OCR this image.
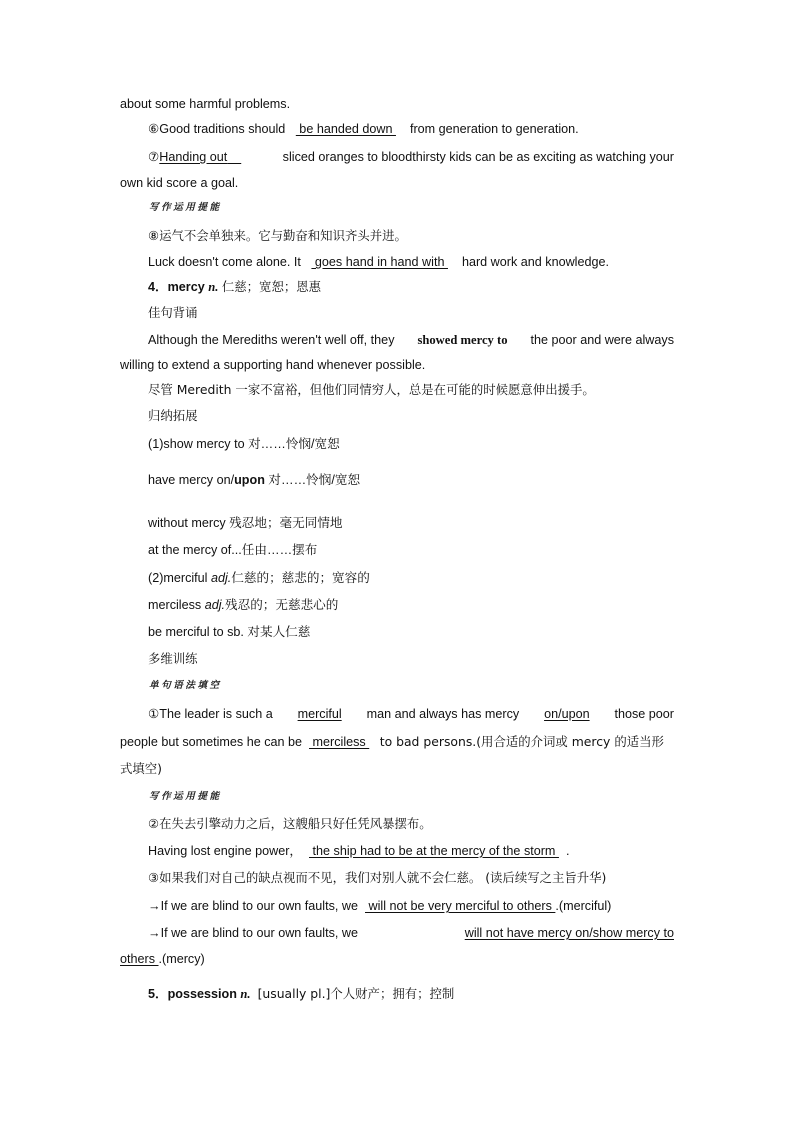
about some harmful problems.
⑥Good traditions should    be handed down     from generation to generation.
⑦Handing out	sliced oranges to bloodthirsty kids can be as exciting as watching your
own kid score a goal.
写作运用提能
⑧运气不会单独来。它与勤奋和知识齐头并进。
Luck doesn't come alone. It    goes hand in hand with     hard work and knowledge.
4．mercy n. 仁慈；宽恕；恩惠
佳句背诵
Although the Merediths weren't well off, they showed mercy to the poor and were always
willing to extend a supporting hand whenever possible.
尽管 Meredith 一家不富裕，但他们同情穷人，总是在可能的时候愿意伸出援手。
归纳拓展
(1)show mercy to 对……怜悯/宽恕
have mercy on/upon 对……怜悯/宽恕
without mercy 残忍地；毫无同情地
at the mercy of...任由……摆布
(2)merciful adj.仁慈的；慈悲的；宽容的
merciless adj.残忍的；无慈悲心的
be merciful to sb. 对某人仁慈
多维训练
单句语法填空
①The leader is such a merciful man and always has mercy on/upon those poor
people but sometimes he can be   merciless    to bad persons.(用合适的介词或 mercy 的适当形
式填空)
写作运用提能
②在失去引擎动力之后，这艘船只好任凭风暴摆布。
Having lost engine power，   the ship had to be at the mercy of the storm   .
③如果我们对自己的缺点视而不见，我们对别人就不会仁慈。 (读后续写之主旨升华)
→If we are blind to our own faults, we   will not be very merciful to others .(merciful)
→If we are blind to our own faults, we	will not have mercy on/show mercy to
others .(mercy)
5．possession n. [usually pl.]个人财产；拥有；控制
